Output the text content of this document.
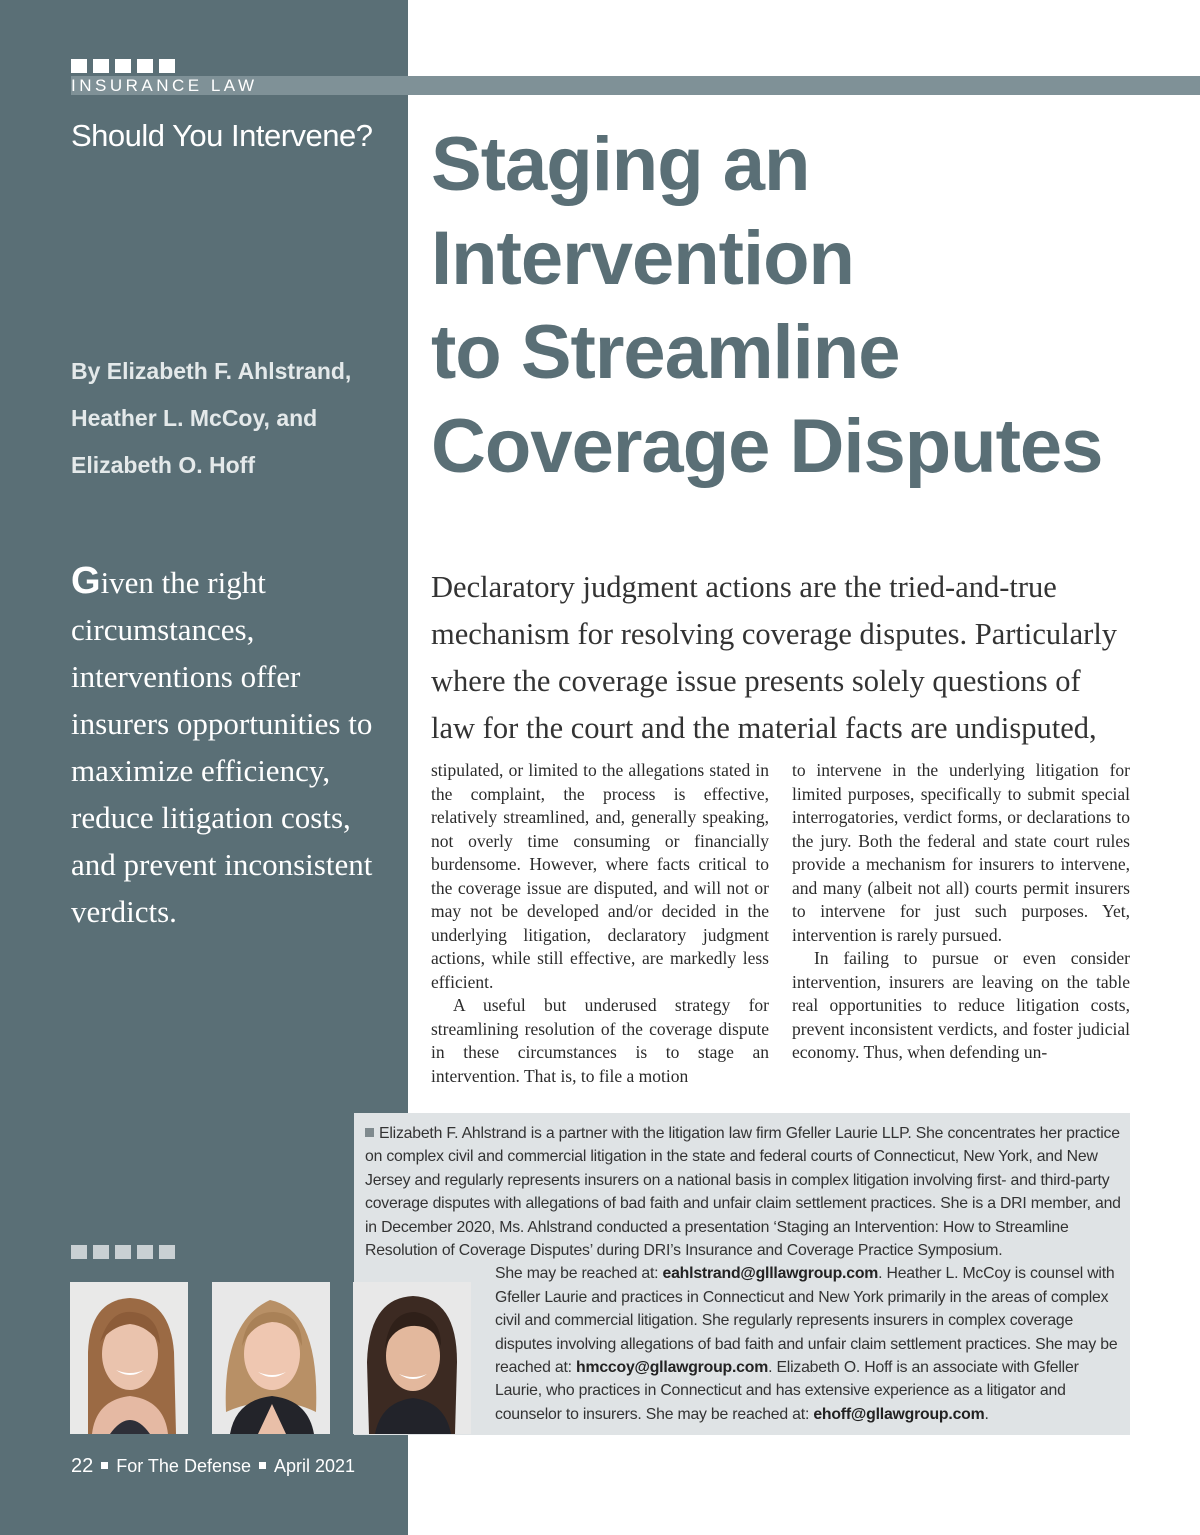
INSURANCE LAW
Should You Intervene? Staging an
Intervention
to Streamline
Coverage Disputes
By Elizabeth F. Ahlstrand,
Heather L. McCoy, and
Elizabeth O. Hoff
Given the right circumstances, interventions offer insurers opportunities to maximize efficiency, reduce litigation costs, and prevent inconsistent verdicts.
Declaratory judgment actions are the tried-and-true mechanism for resolving coverage disputes. Particularly where the coverage issue presents solely questions of law for the court and the material facts are undisputed,

stipulated, or limited to the allegations stated in the complaint, the process is effective, relatively streamlined, and, generally speaking, not overly time consuming or financially burdensome. However, where facts critical to the coverage issue are disputed, and will not or may not be developed and/or decided in the underlying litigation, declaratory judgment actions, while still effective, are markedly less efficient.

A useful but underused strategy for streamlining resolution of the coverage dispute in these circumstances is to stage an intervention. That is, to file a motion

to intervene in the underlying litigation for limited purposes, specifically to submit special interrogatories, verdict forms, or declarations to the jury. Both the federal and state court rules provide a mechanism for insurers to intervene, and many (albeit not all) courts permit insurers to intervene for just such purposes. Yet, intervention is rarely pursued.

In failing to pursue or even consider intervention, insurers are leaving on the table real opportunities to reduce litigation costs, prevent inconsistent verdicts, and foster judicial economy. Thus, when defending un-

Elizabeth F. Ahlstrand is a partner with the litigation law firm Gfeller Laurie LLP. She concentrates her practice on complex civil and commercial litigation in the state and federal courts of Connecticut, New York, and New Jersey and regularly represents insurers on a national basis in complex litigation involving first- and third-party coverage disputes with allegations of bad faith and unfair claim settlement practices. She is a DRI member, and in December 2020, Ms. Ahlstrand conducted a presentation ‘Staging an Intervention: How to Streamline Resolution of Coverage Disputes’ during DRI’s Insurance and Coverage Practice Symposium.
She may be reached at: eahlstrand@glllawgroup.com. Heather L. McCoy is counsel with Gfeller Laurie and practices in Connecticut and New York primarily in the areas of complex civil and commercial litigation. She regularly represents insurers in complex coverage disputes involving allegations of bad faith and unfair claim settlement practices. She may be reached at: hmccoy@gllawgroup.com. Elizabeth O. Hoff is an associate with Gfeller Laurie, who practices in Connecticut and has extensive experience as a litigator and counselor to insurers. She may be reached at: ehoff@gllawgroup.com.
22 For The Defense April 2021
